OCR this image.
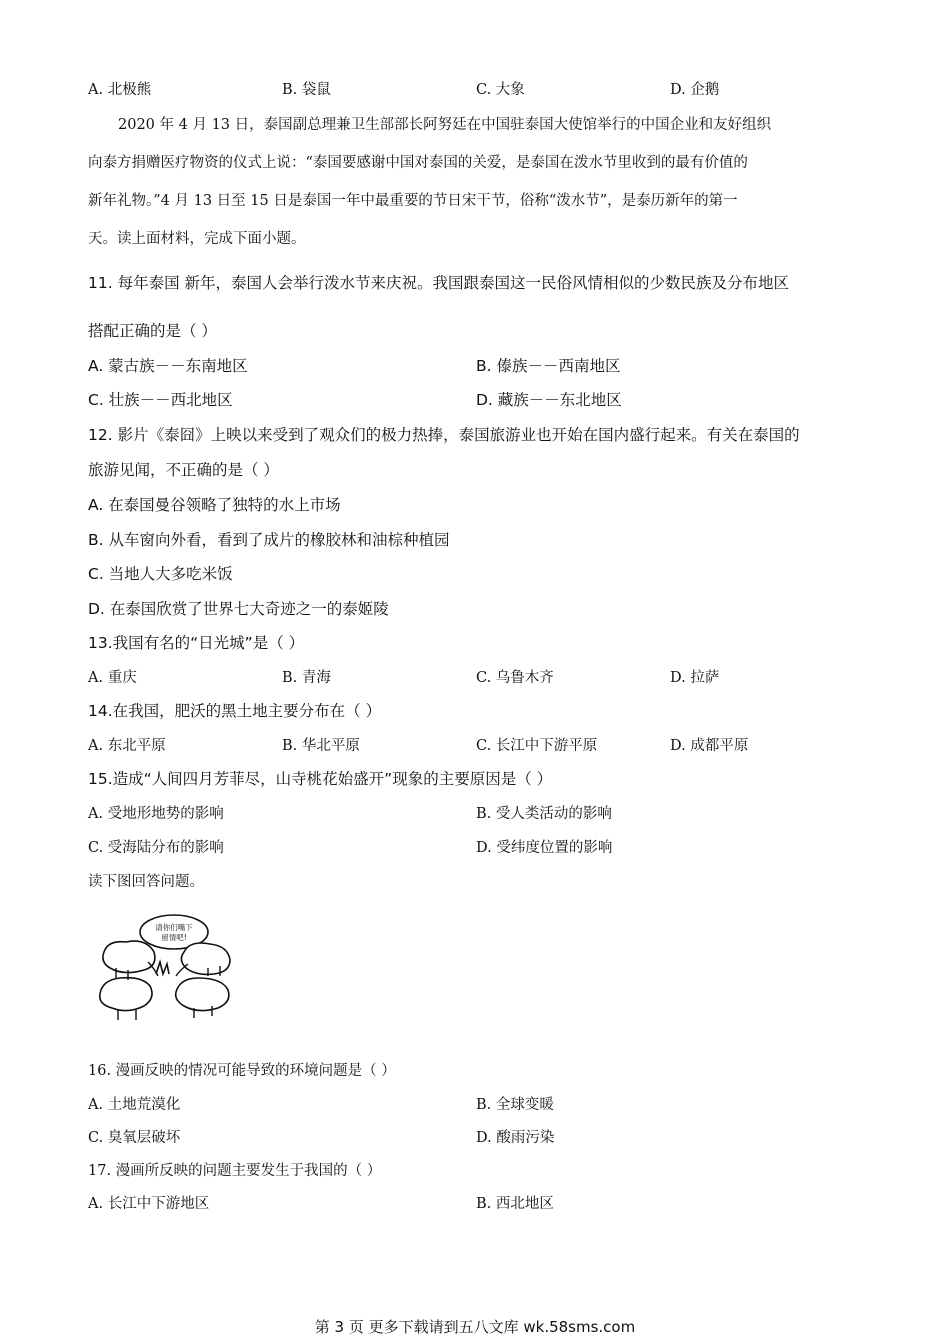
A. 北极熊	B. 袋鼠	C. 大象	D. 企鹅
2020 年 4 月 13 日，泰国副总理兼卫生部部长阿努廷在中国驻泰国大使馆举行的中国企业和友好组织
向泰方捐赠医疗物资的仪式上说：“泰国要感谢中国对泰国的关爱，是泰国在泼水节里收到的最有价值的
新年礼物。”4 月 13 日至 15 日是泰国一年中最重要的节日宋干节，俗称“泼水节”，是泰历新年的第一
天。读上面材料，完成下面小题。
11. 每年泰国 新年，泰国人会举行泼水节来庆祝。我国跟泰国这一民俗风情相似的少数民族及分布地区
搭配正确的是（ ）
A. 蒙古族－－东南地区	B. 傣族－－西南地区
C. 壮族－－西北地区	D. 藏族－－东北地区
12. 影片《泰囧》上映以来受到了观众们的极力热捧，泰国旅游业也开始在国内盛行起来。有关在泰国的
旅游见闻，不正确的是（ ）
A. 在泰国曼谷领略了独特的水上市场
B. 从车窗向外看，看到了成片的橡胶林和油棕种植园
C. 当地人大多吃米饭
D. 在泰国欣赏了世界七大奇迹之一的泰姬陵
13.我国有名的“日光城”是（ ）
A. 重庆	B. 青海	C. 乌鲁木齐	D. 拉萨
14.在我国，肥沃的黑土地主要分布在（ ）
A. 东北平原	B. 华北平原	C. 长江中下游平原	D. 成都平原
15.造成“人间四月芳菲尽，山寺桃花始盛开”现象的主要原因是（ ）
A. 受地形地势的影响	B. 受人类活动的影响
C. 受海陆分布的影响	D. 受纬度位置的影响
读下图回答问题。
请你们嘴下
留情吧!
16. 漫画反映的情况可能导致的环境问题是（ ）
A. 土地荒漠化	B. 全球变暖
C. 臭氧层破坏	D. 酸雨污染
17. 漫画所反映的问题主要发生于我国的（ ）
A. 长江中下游地区	B. 西北地区
第 3 页 更多下载请到五八文库 wk.58sms.com
